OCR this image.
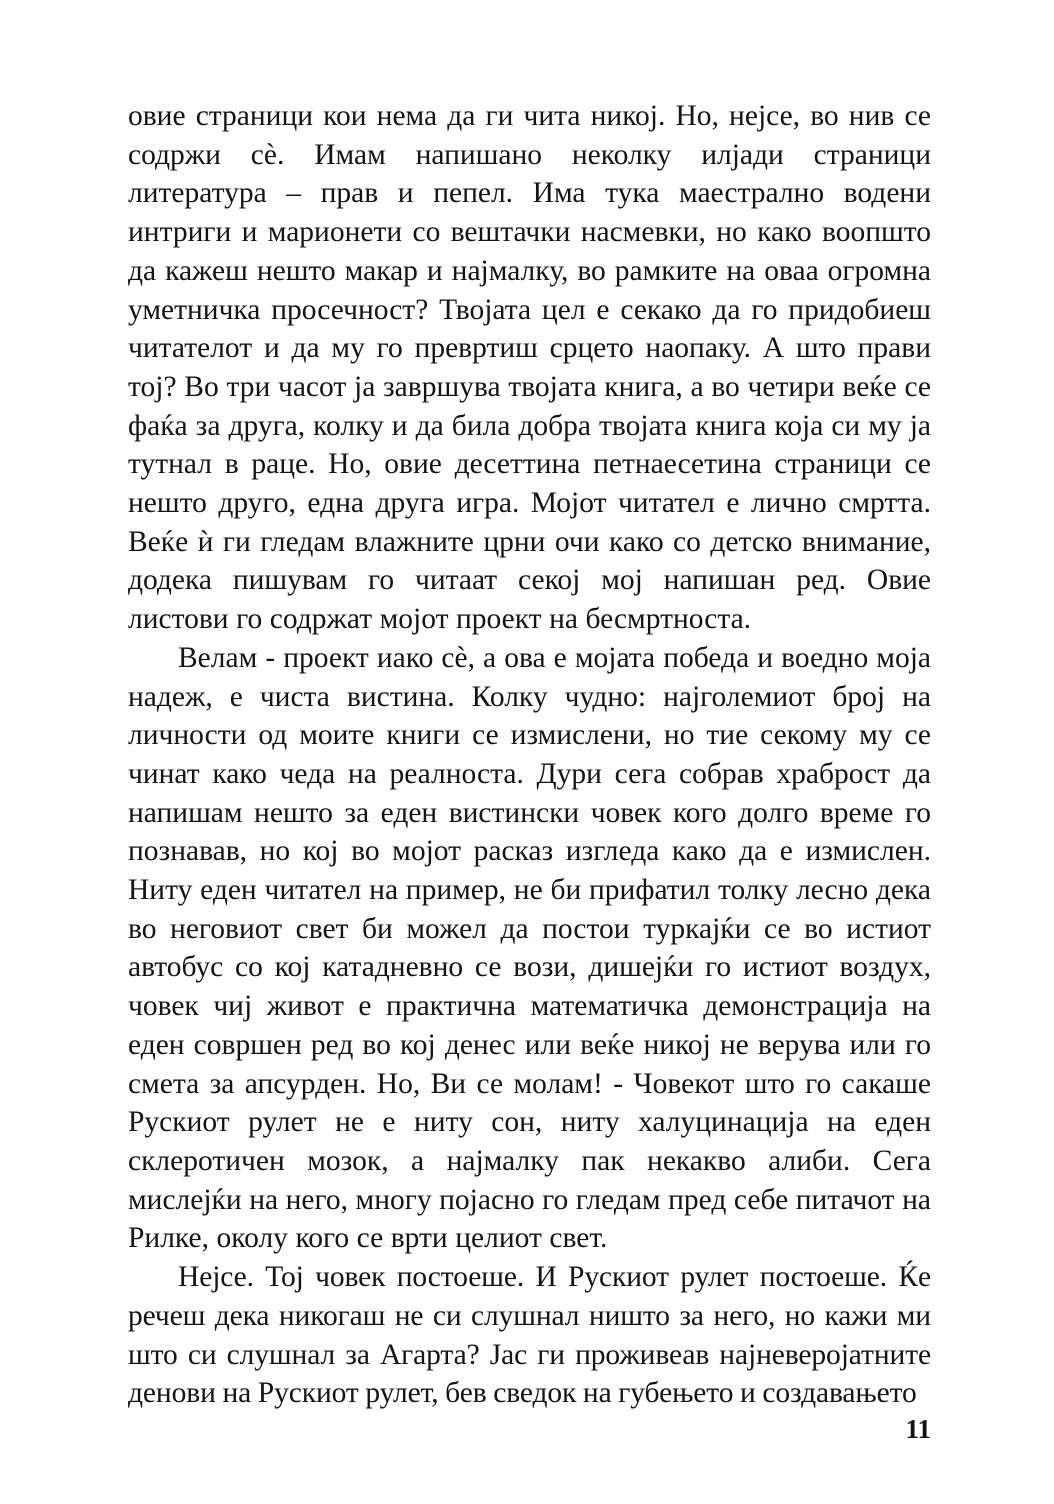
овие страници кои нема да ги чита никој. Но, нејсе, во нив се содржи сѐ. Имам напишано неколку илјади страници литература – прав и пепел. Има тука маестрално водени интриги и марионети со вештачки насмевки, но како воопшто да кажеш нешто макар и најмалку, во рамките на оваа огромна уметничка просечност? Твојата цел е секако да го придобиеш читателот и да му го превртиш срцето наопаку. А што прави тој? Во три часот ја завршува твојата книга, а во четири веќе се фаќа за друга, колку и да била добра твојата книга која си му ја тутнал в раце. Но, овие десеттина петнаесетина страници се нешто друго, една друга игра. Мојот читател е лично смртта. Веќе ѝ ги гледам влажните црни очи како со детско внимание, додека пишувам го читаат секој мој напишан ред. Овие листови го содржат мојот проект на бесмртноста.

Велам - проект иако сѐ, а ова е мојата победа и воедно моја надеж, е чиста вистина. Колку чудно: најголемиот број на личности од моите книги се измислени, но тие секому му се чинат како чеда на реалноста. Дури сега собрав храброст да напишам нешто за еден вистински човек кого долго време го познавав, но кој во мојот расказ изгледа како да е измислен. Ниту еден читател на пример, не би прифатил толку лесно дека во неговиот свет би можел да постои туркајќи се во истиот автобус со кој катадневно се вози, дишејќи го истиот воздух, човек чиј живот е практична математичка демонстрација на еден совршен ред во кој денес или веќе никој не верува или го смета за апсурден. Но, Ви се молам! - Човекот што го сакаше Рускиот рулет не е ниту сон, ниту халуцинација на еден склеротичен мозок, а најмалку пак некакво алиби. Сега мислејќи на него, многу појасно го гледам пред себе питачот на Рилке, околу кого се врти целиот свет.

Нејсе. Тој човек постоеше. И Рускиот рулет постоеше. Ќе речеш дека никогаш не си слушнал ништо за него, но кажи ми што си слушнал за Агарта? Јас ги проживеав најневеројатните денови на Рускиот рулет, бев сведок на губењето и создавањето

11
